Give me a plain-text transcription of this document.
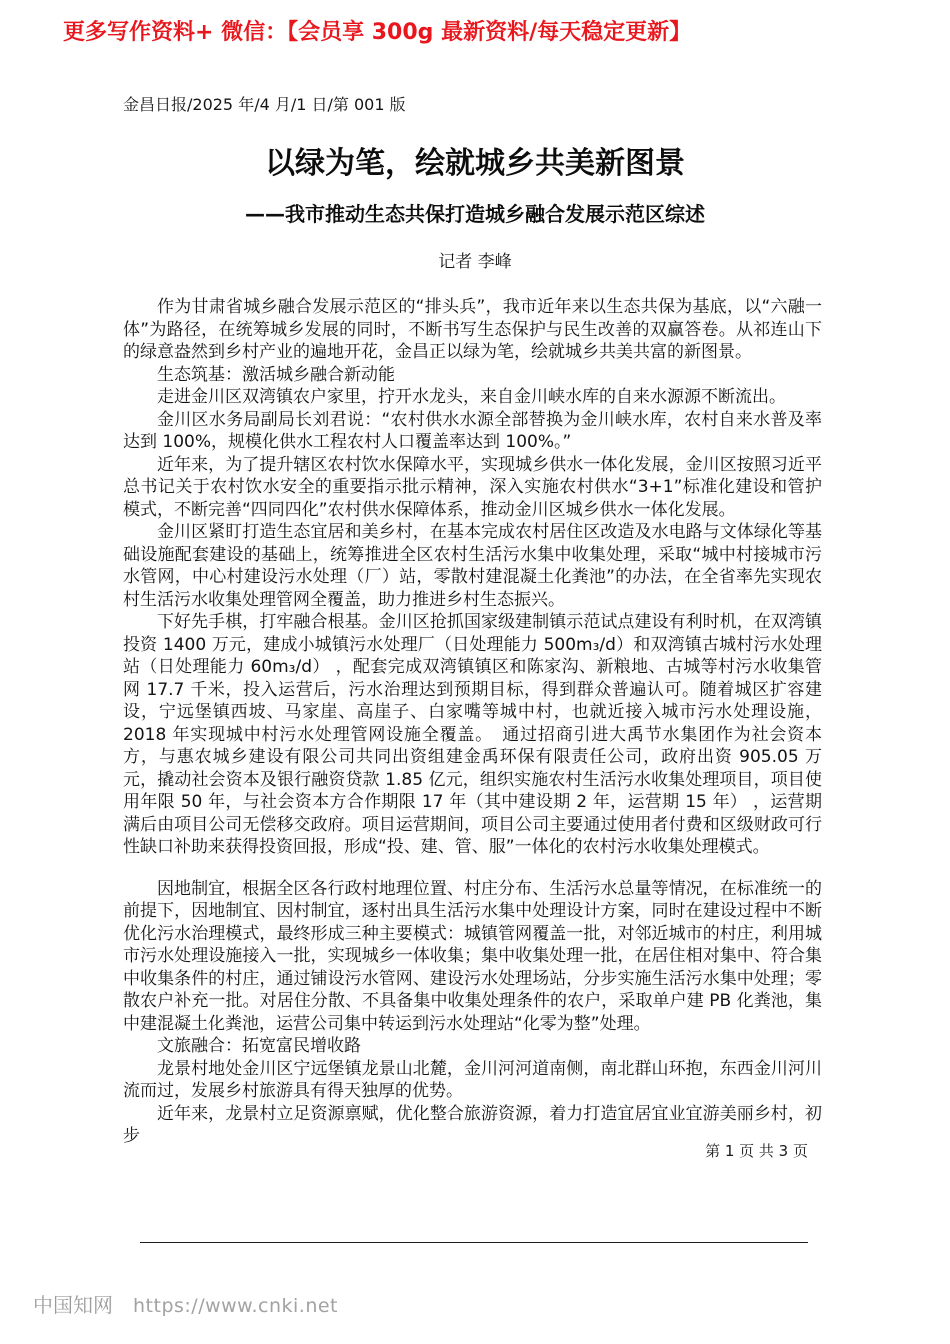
更多写作资料+ 微信：【会员享 300g 最新资料/每天稳定更新】
金昌日报/2025 年/4 月/1 日/第 001 版
以绿为笔，绘就城乡共美新图景
——我市推动生态共保打造城乡融合发展示范区综述
记者 李峰

作为甘肃省城乡融合发展示范区的“排头兵”，我市近年来以生态共保为基底，以“六融一体”为路径，在统筹城乡发展的同时，不断书写生态保护与民生改善的双赢答卷。从祁连山下的绿意盎然到乡村产业的遍地开花，金昌正以绿为笔，绘就城乡共美共富的新图景。

生态筑基：激活城乡融合新动能

走进金川区双湾镇农户家里，拧开水龙头，来自金川峡水库的自来水源源不断流出。

金川区水务局副局长刘君说：“农村供水水源全部替换为金川峡水库，农村自来水普及率达到 100%，规模化供水工程农村人口覆盖率达到 100%。”

近年来，为了提升辖区农村饮水保障水平，实现城乡供水一体化发展，金川区按照习近平总书记关于农村饮水安全的重要指示批示精神，深入实施农村供水“3+1”标准化建设和管护模式，不断完善“四同四化”农村供水保障体系，推动金川区城乡供水一体化发展。

金川区紧盯打造生态宜居和美乡村，在基本完成农村居住区改造及水电路与文体绿化等基础设施配套建设的基础上，统筹推进全区农村生活污水集中收集处理，采取“城中村接城市污水管网，中心村建设污水处理（厂）站，零散村建混凝土化粪池”的办法，在全省率先实现农村生活污水收集处理管网全覆盖，助力推进乡村生态振兴。

下好先手棋，打牢融合根基。金川区抢抓国家级建制镇示范试点建设有利时机，在双湾镇投资 1400 万元，建成小城镇污水处理厂（日处理能力 500m₃/d）和双湾镇古城村污水处理站（日处理能力 60m₃/d） ，配套完成双湾镇镇区和陈家沟、新粮地、古城等村污水收集管网 17.7 千米，投入运营后，污水治理达到预期目标，得到群众普遍认可。随着城区扩容建设，宁远堡镇西坡、马家崖、高崖子、白家嘴等城中村，也就近接入城市污水处理设施，2018 年实现城中村污水处理管网设施全覆盖。　通过招商引进大禹节水集团作为社会资本方，与惠农城乡建设有限公司共同出资组建金禹环保有限责任公司，政府出资 905.05 万元，撬动社会资本及银行融资贷款 1.85 亿元，组织实施农村生活污水收集处理项目，项目使用年限 50 年，与社会资本方合作期限 17 年（其中建设期 2 年，运营期 15 年） ，运营期满后由项目公司无偿移交政府。项目运营期间，项目公司主要通过使用者付费和区级财政可行性缺口补助来获得投资回报，形成“投、建、管、服”一体化的农村污水收集处理模式。

因地制宜，根据全区各行政村地理位置、村庄分布、生活污水总量等情况，在标准统一的前提下，因地制宜、因村制宜，逐村出具生活污水集中处理设计方案，同时在建设过程中不断优化污水治理模式，最终形成三种主要模式：城镇管网覆盖一批，对邻近城市的村庄，利用城市污水处理设施接入一批，实现城乡一体收集；集中收集处理一批，在居住相对集中、符合集中收集条件的村庄，通过铺设污水管网、建设污水处理场站，分步实施生活污水集中处理；零散农户补充一批。对居住分散、不具备集中收集处理条件的农户，采取单户建 PB 化粪池，集中建混凝土化粪池，运营公司集中转运到污水处理站“化零为整”处理。

文旅融合：拓宽富民增收路

龙景村地处金川区宁远堡镇龙景山北麓，金川河河道南侧，南北群山环抱，东西金川河川流而过，发展乡村旅游具有得天独厚的优势。

近年来，龙景村立足资源禀赋，优化整合旅游资源，着力打造宜居宜业宜游美丽乡村，初步

第 1 页 共 3 页
中国知网 https://www.cnki.net
